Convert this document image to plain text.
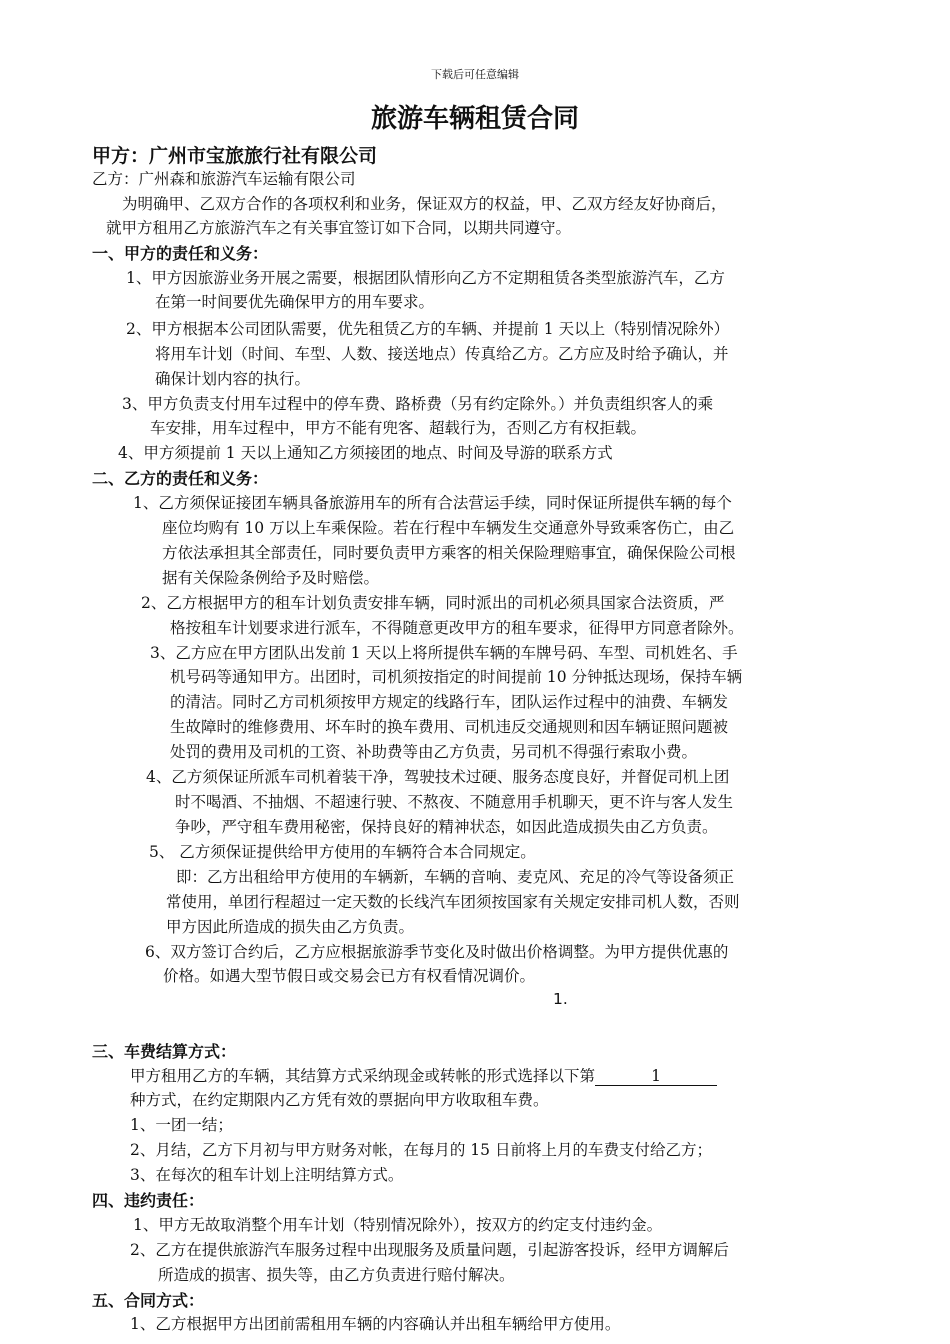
下载后可任意编辑
旅游车辆租赁合同
甲方：广州市宝旅旅行社有限公司
乙方：广州森和旅游汽车运输有限公司
为明确甲、乙双方合作的各项权利和业务，保证双方的权益，甲、乙双方经友好协商后，
就甲方租用乙方旅游汽车之有关事宜签订如下合同，以期共同遵守。
一、甲方的责任和义务：
1、甲方因旅游业务开展之需要，根据团队情形向乙方不定期租赁各类型旅游汽车，乙方
在第一时间要优先确保甲方的用车要求。
2、甲方根据本公司团队需要，优先租赁乙方的车辆、并提前 1 天以上（特别情况除外）
将用车计划（时间、车型、人数、接送地点）传真给乙方。乙方应及时给予确认，并
确保计划内容的执行。
3、甲方负责支付用车过程中的停车费、路桥费（另有约定除外。）并负责组织客人的乘
车安排，用车过程中，甲方不能有兜客、超载行为，否则乙方有权拒载。
4、甲方须提前 1 天以上通知乙方须接团的地点、时间及导游的联系方式
二、乙方的责任和义务：
1、乙方须保证接团车辆具备旅游用车的所有合法营运手续，同时保证所提供车辆的每个
座位均购有 10 万以上车乘保险。若在行程中车辆发生交通意外导致乘客伤亡，由乙
方依法承担其全部责任，同时要负责甲方乘客的相关保险理赔事宜，确保保险公司根
据有关保险条例给予及时赔偿。
2、乙方根据甲方的租车计划负责安排车辆，同时派出的司机必须具国家合法资质，严
格按租车计划要求进行派车，不得随意更改甲方的租车要求，征得甲方同意者除外。
3、乙方应在甲方团队出发前 1 天以上将所提供车辆的车牌号码、车型、司机姓名、手
机号码等通知甲方。出团时，司机须按指定的时间提前 10 分钟抵达现场，保持车辆
的清洁。同时乙方司机须按甲方规定的线路行车，团队运作过程中的油费、车辆发
生故障时的维修费用、坏车时的换车费用、司机违反交通规则和因车辆证照问题被
处罚的费用及司机的工资、补助费等由乙方负责，另司机不得强行索取小费。
4、乙方须保证所派车司机着装干净，驾驶技术过硬、服务态度良好，并督促司机上团
时不喝酒、不抽烟、不超速行驶、不熬夜、不随意用手机聊天，更不许与客人发生
争吵，严守租车费用秘密，保持良好的精神状态，如因此造成损失由乙方负责。
5、 乙方须保证提供给甲方使用的车辆符合本合同规定。
即：乙方出租给甲方使用的车辆新，车辆的音响、麦克风、充足的冷气等设备须正
常使用，单团行程超过一定天数的长线汽车团须按国家有关规定安排司机人数，否则
甲方因此所造成的损失由乙方负责。
6、双方签订合约后，乙方应根据旅游季节变化及时做出价格调整。为甲方提供优惠的
价格。如遇大型节假日或交易会已方有权看情况调价。
1.
三、车费结算方式：
甲方租用乙方的车辆，其结算方式采纳现金或转帐的形式选择以下第	1
种方式，在约定期限内乙方凭有效的票据向甲方收取租车费。
1、一团一结；
2、月结，乙方下月初与甲方财务对帐，在每月的 15 日前将上月的车费支付给乙方；
3、在每次的租车计划上注明结算方式。
四、违约责任：
1、甲方无故取消整个用车计划（特别情况除外），按双方的约定支付违约金。
2、乙方在提供旅游汽车服务过程中出现服务及质量问题，引起游客投诉，经甲方调解后
所造成的损害、损失等，由乙方负责进行赔付解决。
五、合同方式：
1、乙方根据甲方出团前需租用车辆的内容确认并出租车辆给甲方使用。
